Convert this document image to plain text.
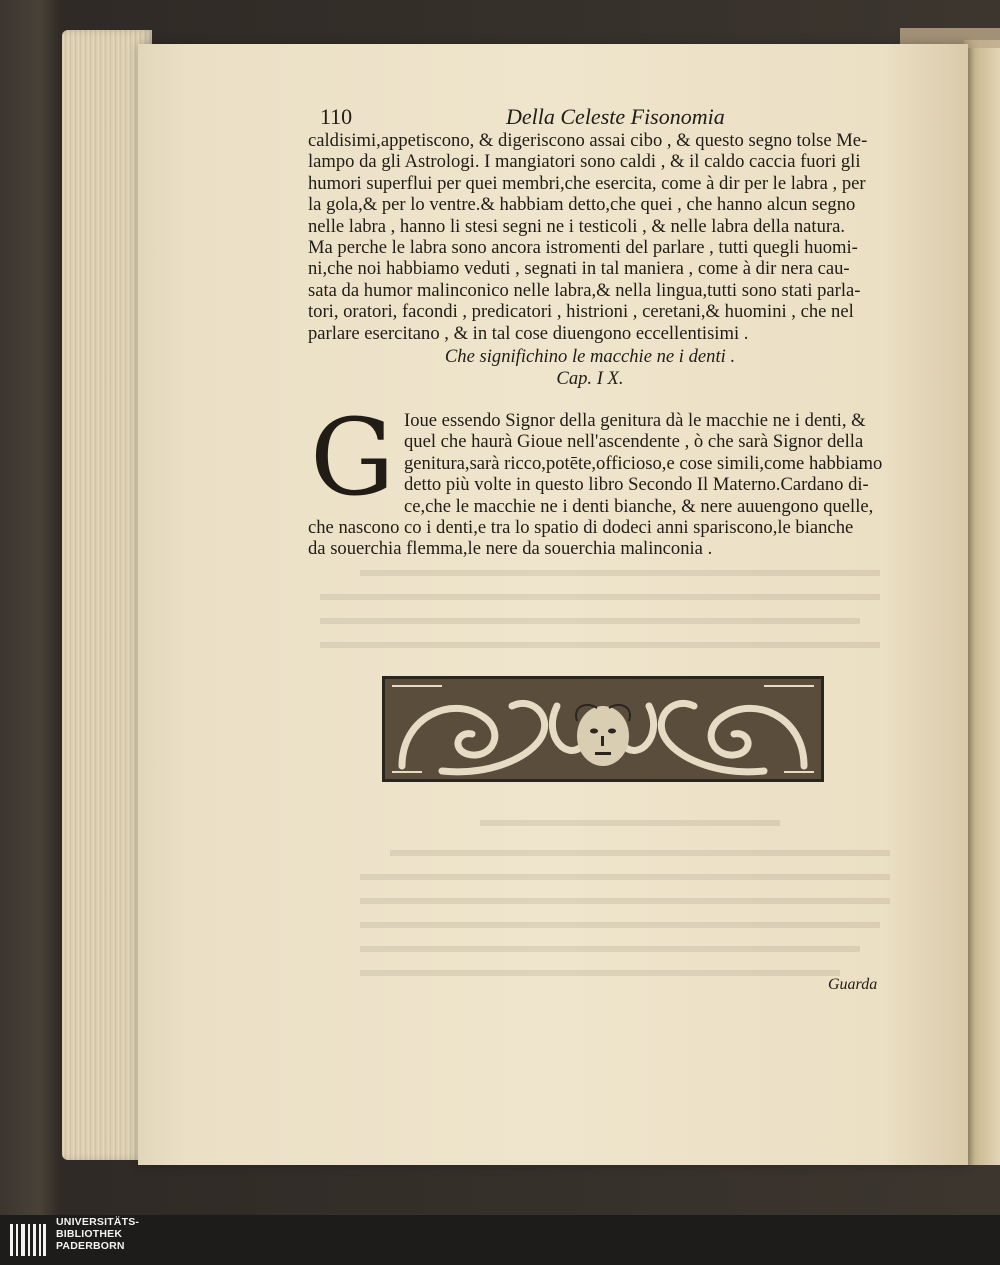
110	Della Celeste Fisonomia
caldisimi,appetiscono, & digeriscono assai cibo , & questo segno tolse Me-
lampo da gli Astrologi. I mangiatori sono caldi , & il caldo caccia fuori gli
humori superflui per quei membri,che esercita, come à dir per le labra , per
la gola,& per lo ventre.& habbiam detto,che quei , che hanno alcun segno
nelle labra , hanno li stesi segni ne i testicoli , & nelle labra della natura.
Ma perche le labra sono ancora istromenti del parlare , tutti quegli huomi-
ni,che noi habbiamo veduti , segnati in tal maniera , come à dir nera cau-
sata da humor malinconico nelle labra,& nella lingua,tutti sono stati parla-
tori, oratori, facondi , predicatori , histrioni , ceretani,& huomini , che nel
parlare esercitano , & in tal cose diuengono eccellentisimi .
Che significhino le macchie ne i denti .
Cap. I X.
G Ioue essendo Signor della genitura dà le macchie ne i denti, &
quel che haurà Gioue nell'ascendente , ò che sarà Signor della
genitura,sarà ricco,potēte,officioso,e cose simili,come habbiamo
detto più volte in questo libro Secondo Il Materno.Cardano di-
ce,che le macchie ne i denti bianche, & nere auuengono quelle,
che nascono co i denti,e tra lo spatio di dodeci anni spariscono,le bianche
da souerchia flemma,le nere da souerchia malinconia .
Guarda
UNIVERSITÄTS-
BIBLIOTHEK
PADERBORN
